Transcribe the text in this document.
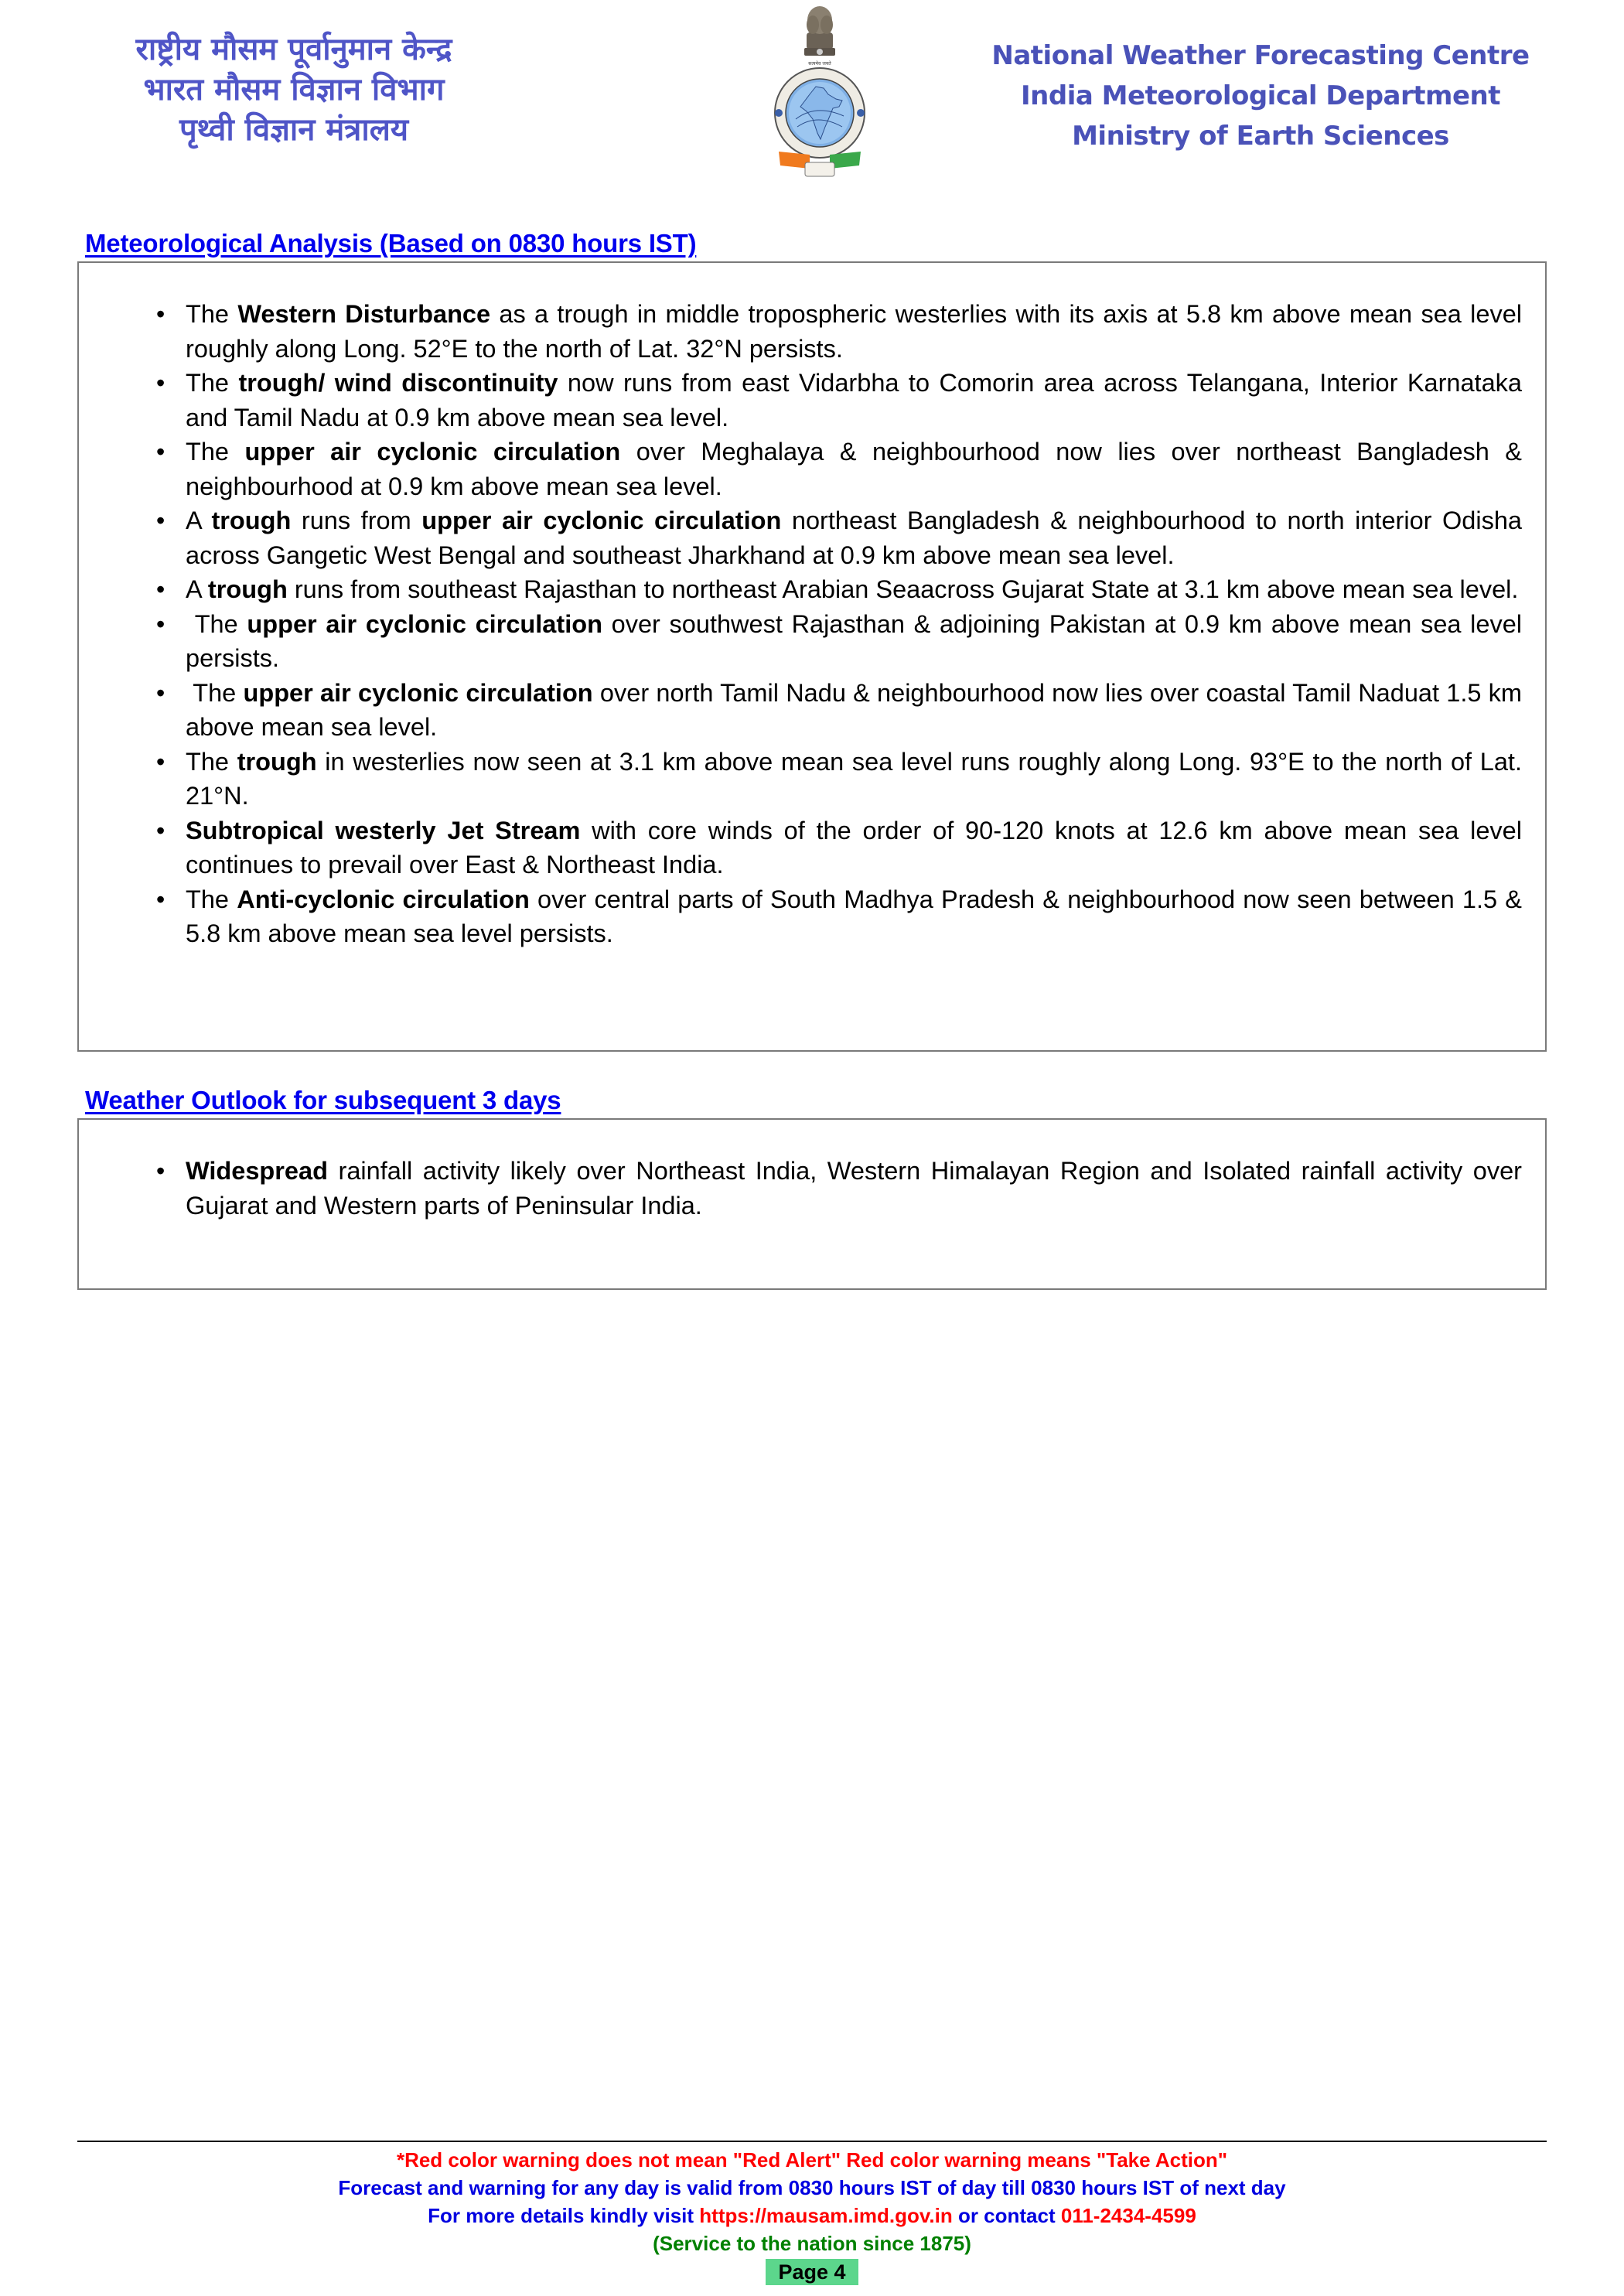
राष्ट्रीय मौसम पूर्वानुमान केन्द्र
भारत मौसम विज्ञान विभाग
पृथ्वी विज्ञान मंत्रालय
सत्यमेव जयते	National Weather Forecasting Centre
India Meteorological Department
Ministry of Earth Sciences
Meteorological Analysis (Based on 0830 hours IST)
• The Western Disturbance as a trough in middle tropospheric westerlies with its axis at 5.8 km above mean sea level roughly along Long. 52°E to the north of Lat. 32°N persists.
• The trough/ wind discontinuity now runs from east Vidarbha to Comorin area across Telangana, Interior Karnataka and Tamil Nadu at 0.9 km above mean sea level.
• The upper air cyclonic circulation over Meghalaya & neighbourhood now lies over northeast Bangladesh & neighbourhood at 0.9 km above mean sea level.
• A trough runs from upper air cyclonic circulation northeast Bangladesh & neighbourhood to north interior Odisha across Gangetic West Bengal and southeast Jharkhand at 0.9 km above mean sea level.
• A trough runs from southeast Rajasthan to northeast Arabian Seaacross Gujarat State at 3.1 km above mean sea level.
• The upper air cyclonic circulation over southwest Rajasthan & adjoining Pakistan at 0.9 km above mean sea level persists.
• The upper air cyclonic circulation over north Tamil Nadu & neighbourhood now lies over coastal Tamil Naduat 1.5 km above mean sea level.
• The trough in westerlies now seen at 3.1 km above mean sea level runs roughly along Long. 93°E to the north of Lat. 21°N.
• Subtropical westerly Jet Stream with core winds of the order of 90-120 knots at 12.6 km above mean sea level continues to prevail over East & Northeast India.
• The Anti-cyclonic circulation over central parts of South Madhya Pradesh & neighbourhood now seen between 1.5 & 5.8 km above mean sea level persists.
Weather Outlook for subsequent 3 days
• Widespread rainfall activity likely over Northeast India, Western Himalayan Region and Isolated rainfall activity over Gujarat and Western parts of Peninsular India.
*Red color warning does not mean "Red Alert" Red color warning means "Take Action"
Forecast and warning for any day is valid from 0830 hours IST of day till 0830 hours IST of next day
For more details kindly visit https://mausam.imd.gov.in or contact 011-2434-4599
(Service to the nation since 1875)
Page 4
